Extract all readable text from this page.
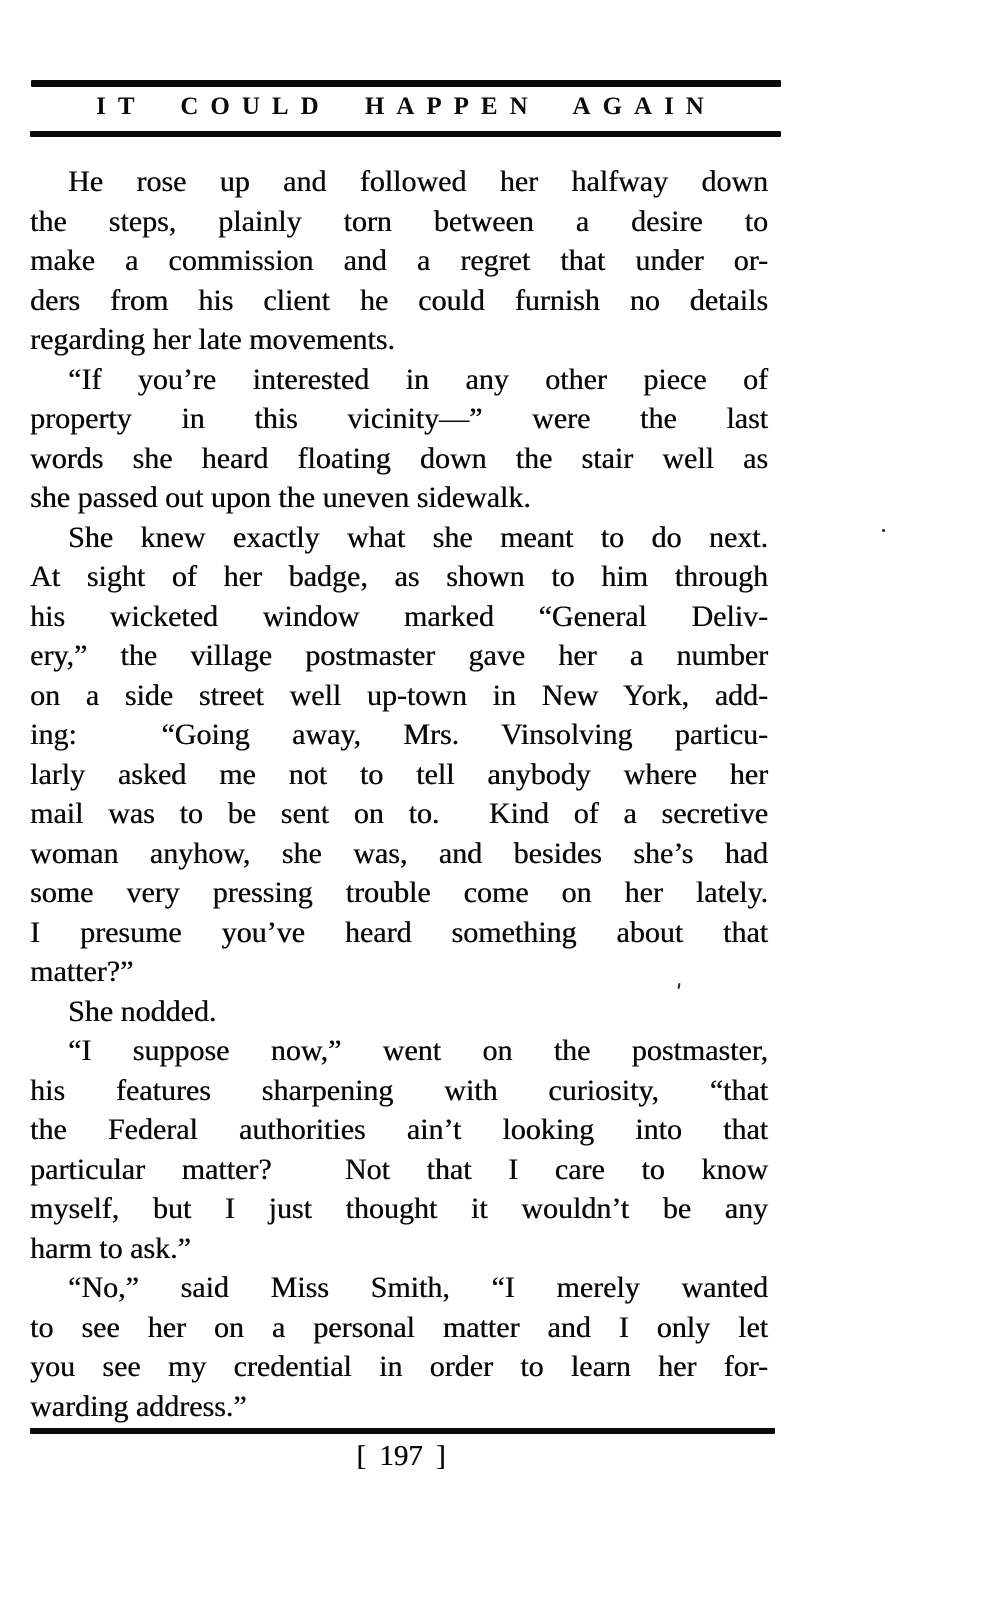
IT COULD HAPPEN AGAIN
He rose up and followed her halfway down
the steps, plainly torn between a desire to
make a commission and a regret that under or-
ders from his client he could furnish no details
regarding her late movements.
“If you’re interested in any other piece of
property in this vicinity—” were the last
words she heard floating down the stair well as
she passed out upon the uneven sidewalk.
She knew exactly what she meant to do next.
At sight of her badge, as shown to him through
his wicketed window marked “General Deliv-
ery,” the village postmaster gave her a number
on a side street well up-town in New York, add-
ing:  “Going away, Mrs. Vinsolving particu-
larly asked me not to tell anybody where her
mail was to be sent on to.  Kind of a secretive
woman anyhow, she was, and besides she’s had
some very pressing trouble come on her lately.
I presume you’ve heard something about that
matter?”
She nodded.
“I suppose now,” went on the postmaster,
his features sharpening with curiosity, “that
the Federal authorities ain’t looking into that
particular matter?  Not that I care to know
myself, but I just thought it wouldn’t be any
harm to ask.”
“No,” said Miss Smith, “I merely wanted
to see her on a personal matter and I only let
you see my credential in order to learn her for-
warding address.”
[ 197 ]
